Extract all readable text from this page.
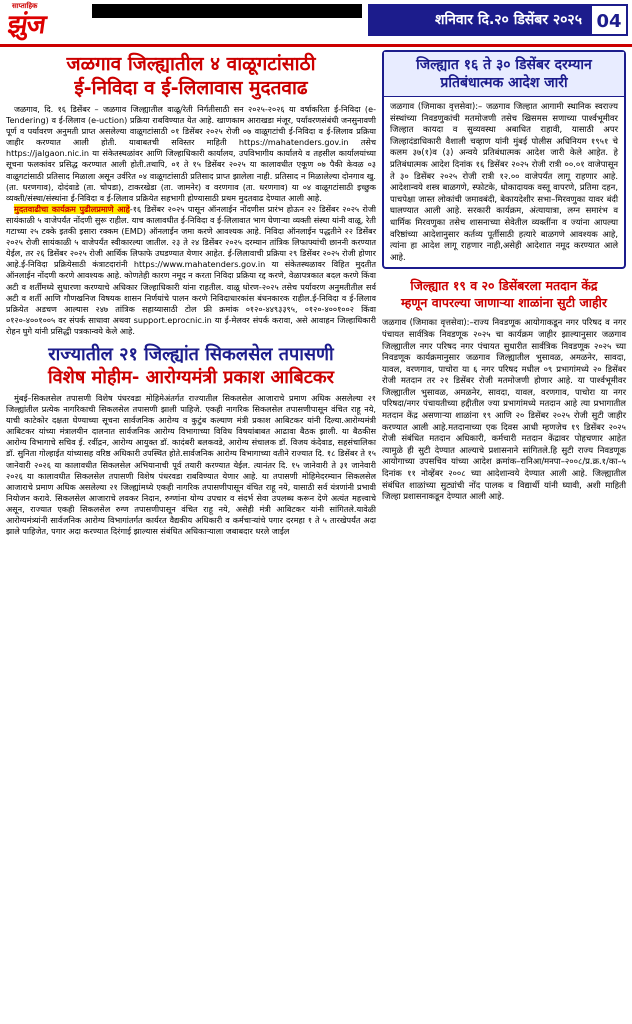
साप्ताहिक
झुंज	शनिवार दि.२० डिसेंबर २०२५ 04
जळगाव जिल्ह्यातील ४ वाळूगटांसाठी
ई-निविदा व ई-लिलावास मुदतवाढ

जळगाव, दि. १६ डिसेंबर – जळगाव जिल्ह्यातील वाळू/रेती निर्गतीसाठी सन २०२५-२०२६ या वर्षाकरिता ई-निविदा (e-Tendering) व ई-लिलाव (e-uction) प्रक्रिया राबविण्यात येत आहे. खाणकाम आराखडा मंजूर, पर्यावरणसंबंधी जनसुनावणी पूर्ण व पर्यावरण अनुमती प्राप्त असलेल्या वाळूगटांसाठी ०१ डिसेंबर २०२५ रोजी ०७ वाळूगटांची ई-निविदा व ई-लिलाव प्रक्रिया जाहीर करण्यात आली होती. याबाबतची सविस्तर माहिती https://mahatenders.gov.in तसेच https://jalgaon.nic.in या संकेतस्थळांवर आणि जिल्हाधिकारी कार्यालय, उपविभागीय कार्यालये व तहसील कार्यालयांच्या सूचना फलकांवर प्रसिद्ध करण्यात आली होती.तथापि, ०१ ते १५ डिसेंबर २०२५ या कालावधीत एकूण ०७ पैकी केवळ ०३ वाळूगटांसाठी प्रतिसाद मिळाला असून उर्वरित ०४ वाळूगटांसाठी प्रतिसाद प्राप्त झालेला नाही. प्रतिसाद न मिळालेल्या दोनगाव खु. (ता. धरणगाव), दोदंवाडे (ता. चोपडा), टाकरखेडा (ता. जामनेर) व वरणगाव (ता. धरणगाव) या ०४ वाळूगटांसाठी इच्छुक व्यक्ती/संस्था/संस्थांना ई-निविदा व ई-लिलाव प्रक्रियेत सहभागी होण्यासाठी प्रथम मुदतवाढ देण्यात आली आहे.

मुदतवाढीचा कार्यक्रम पुढीलप्रमाणे आहे-१६ डिसेंबर २०२५ पासून ऑनलाईन नोंदणीस प्रारंभ होऊन २२ डिसेंबर २०२५ रोजी सायंकाळी ५ वाजेपर्यंत नोंदणी सुरू राहील. याच कालावधीत ई-निविदा व ई-लिलावात भाग घेणाऱ्या व्यक्ती संस्था यांनी वाळू, रेती गटाच्या २५ टक्के इतकी इसारा रक्कम (EMD) ऑनलाईन जमा करणे आवश्यक आहे. निविदा ऑनलाईन पद्धतीने २२ डिसेंबर २०२५ रोजी सायंकाळी ५ वाजेपर्यंत स्वीकारल्या जातील. २३ ते २४ डिसेंबर २०२५ दरम्यान तांत्रिक लिफाफ्यांची छाननी करण्यात येईल, तर २६ डिसेंबर २०२५ रोजी आर्थिक लिफाफे उघडण्यात येणार आहेत. ई-लिलावाची प्रक्रिया २९ डिसेंबर २०२५ रोजी होणार आहे.ई-निविदा प्रक्रियेसाठी कंत्राटदारांनी https://www.mahatenders.gov.in या संकेतस्थळावर विहित मुदतीत ऑनलाईन नोंदणी करणे आवश्यक आहे. कोणतेही कारण नमूद न करता निविदा प्रक्रिया रद्द करणे, वेळापत्रकात बदल करणे किंवा अटी व शर्तींमध्ये सुधारणा करण्याचे अधिकार जिल्हाधिकारी यांना राहतील. वाळू धोरण-२०२५ तसेच पर्यावरण अनुमतीतील सर्व अटी व शर्ती आणि गौणखनिज विषयक शासन निर्णयांचे पालन करणे निविदाधारकांस बंधनकारक राहील.ई-निविदा व ई-लिलाव प्रक्रियेत अडचण आल्यास २४७ तांत्रिक सहाय्यासाठी टोल फ्री क्रमांक ०१२०-४४९३३९५, ०१२०-४००१००२ किंवा ०१२०-४००१००५ वर संपर्क साधावा अथवा support.eprocnic.in या ई-मेलवर संपर्क करावा, असे आवाहन जिल्हाधिकारी रोहन घुगे यांनी प्रसिद्धी पत्रकान्वये केले आहे.

राज्यातील २१ जिल्ह्यांत सिकलसेल तपासणी
विशेष मोहीम- आरोग्यमंत्री प्रकाश आबिटकर

मुंबई–सिकलसेल तपासणी विशेष पंधरवडा मोहिमेअंतर्गत राज्यातील सिकलसेल आजाराचे प्रमाण अधिक असलेल्या २१ जिल्ह्यांतील प्रत्येक नागरिकाची सिकलसेल तपासणी झाली पाहिजे. एकही नागरिक सिकलसेल तपासणीपासून वंचित राहू नये, याची काटेकोर दक्षता घेण्याच्या सूचना सार्वजनिक आरोग्य व कुटुंब कल्याण मंत्री प्रकाश आबिटकर यांनी दिल्या.आरोग्यमंत्री आबिटकर यांच्या मंत्रालयीन दालनात सार्वजनिक आरोग्य विभागाच्या विविध विषयांबाबत आढावा बैठक झाली. या बैठकीस आरोग्य विभागाचे सचिव ई. रवींद्रन, आरोग्य आयुक्त डॉ. कादंबरी बलकवडे, आरोग्य संचालक डॉ. विजय कंदेवाड, सहसंचालिका डॉ. सुनिता गोल्हाईत यांच्यासह वरिष्ठ अधिकारी उपस्थित होते.सार्वजनिक आरोग्य विभागाच्या वतीने राज्यात दि. १८ डिसेंबर ते १५ जानेवारी २०२६ या कालावधीत सिकलसेल अभियानाची पूर्व तयारी करण्यात येईल. त्यानंतर दि. १५ जानेवारी ते ३१ जानेवारी २०२६ या कालावधीत सिकलसेल तपासणी विशेष पंधरवडा राबविण्यात येणार आहे. या तपासणी मोहिमेदरम्यान सिकलसेल आजाराचे प्रमाण अधिक असलेल्या २१ जिल्ह्यांमध्ये एकही नागरिक तपासणीपासून वंचित राहू नये, यासाठी सर्व यंत्रणांनी प्रभावी नियोजन करावे. सिकलसेल आजाराचे लवकर निदान, रुग्णांना योग्य उपचार व संदर्भ सेवा उपलब्ध करून देणे अत्यंत महत्त्वाचे असून, राज्यात एकही सिकलसेल रुग्ण तपासणीपासून वंचित राहू नये, असेही मंत्री आबिटकर यांनी सांगितले.यावेळी आरोग्यमंत्र्यांनी सार्वजनिक आरोग्य विभागांतर्गत कार्यरत वैद्यकीय अधिकारी व कर्मचाऱ्यांचे पगार दरमहा १ ते ५ तारखेपर्यंत अदा झाले पाहिजेत, पगार अदा करण्यात दिरंगाई झाल्यास संबंधित अधिकाऱ्याला जबाबदार धरले जाईल

जिल्ह्यात १६ ते ३० डिसेंबर दरम्यान
प्रतिबंधात्मक आदेश जारी

जळगाव (जिमाका वृत्तसेवा):– जळगाव जिल्हात आगामी स्थानिक स्वराज्य संस्थांच्या निवडणुकांची मतमोजणी तसेच खिसमस सणाच्या पार्श्वभूमीवर जिल्हात कायदा व सुव्यवस्था अबाधित राहावी, यासाठी अपर जिल्हादंडाधिकारी वैशाली चव्हाण यांनी मुंबई पोलीस अधिनियम १९५१ चे कलम ३७(१)व (३) अन्वये प्रतिबंधात्मक आदेश जारी केले आहेत. हे प्रतिबंधात्मक आदेश दिनांक १६ डिसेंबर २०२५ रोजी रात्री ००.०१ वाजेपासून ते ३० डिसेंबर २०२५ रोजी रात्री १२.०० वाजेपर्यंत लागू राहणार आहे. आदेशान्वये शस्त्र बाळगणे, स्फोटके, धोकादायक वस्तू वापरणे, प्रतिमा दहन, पाचपेक्षा जास्त लोकांची जमावबंदी, बेकायदेशीर सभा–मिरवणुका यावर बंदी घालण्यात आली आहे. सरकारी कार्यक्रम, अंत्यायात्रा, लग्न समारंभ व धार्मिक मिरवणुका तसेच शासनाच्या सेवेतील व्यक्तींना व ज्यांना आपल्या वरिष्ठांच्या आदेशानुसार कर्तव्य पूर्तीसाठी हत्यारे बाळगणे आवश्यक आहे, त्यांना हा आदेश लागू राहणार नाही,असेही आदेशात नमूद करण्यात आले आहे.

जिल्ह्यात १९ व २० डिसेंबरला मतदान केंद्र
म्हणून वापरल्या जाणाऱ्या शाळांना सुटी जाहीर

जळगाव (जिमाका वृत्तसेवा):–राज्य निवडणूक आयोगाकडून नगर परिषद व नगर पंचायत सार्वत्रिक निवडणूक २०२५ चा कार्यक्रम जाहीर झाल्यानुसार जळगाव जिल्ह्यातील नगर परिषद नगर पंचायत सुधारीत सार्वत्रिक निवडणूक २०२५ च्या निवडणूक कार्यक्रमानुसार जळगाव जिल्ह्यातील भुसावळ, अमळनेर, सावदा, यावल, वरणगाव, पाचोरा या ६ नगर परिषद मधील ०९ प्रभागांमध्ये २० डिसेंबर रोजी मतदान तर २१ डिसेंबर रोजी मतमोजणी होणार आहे. या पार्श्वभूमीवर जिल्ह्यातील भुसावळ, अमळनेर, सावदा, यावल, वरणगाव, पाचोरा या नगर परिषदा/नगर पंचायतीच्या हद्दीतील ज्या प्रभागांमध्ये मतदान आहे त्या प्रभागातील मतदान केंद्र असणाऱ्या शाळांना १९ आणि २० डिसेंबर २०२५ रोजी सुटी जाहीर करण्यात आली आहे.मतदानाच्या एक दिवस आधी म्हणजेच १९ डिसेंबर २०२५ रोजी संबंधित मतदान अधिकारी, कर्मचारी मतदान केंद्रावर पोहचणार आहेत त्यामुळे ही सुटी देण्यात आल्याचे प्रशासनाने सांगितले.हि सुटी राज्य निवडणूक आयोगाच्या उपसचिव यांच्या आदेश क्रमांक–रानिआ/मनपा–२००८/प्र.क्र.१/का–५ दिनांक ११ नोव्हेंबर २००८ च्या आदेशान्वये देण्यात आली आहे. जिल्ह्यातील संबंधित शाळांच्या सुट्यांची नोंद पालक व विद्यार्थी यांनी घ्यावी, अशी माहिती जिल्हा प्रशासनाकडून देण्यात आली आहे.
